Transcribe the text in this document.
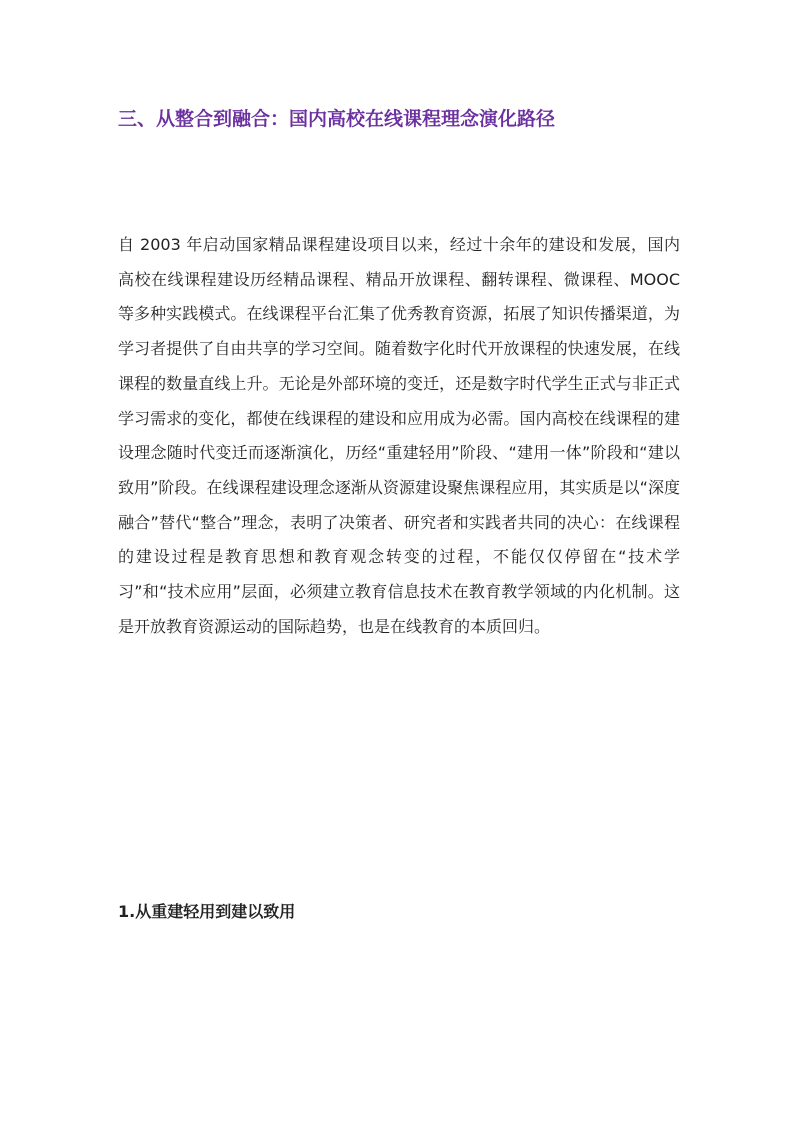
三、从整合到融合：国内高校在线课程理念演化路径

自 2003 年启动国家精品课程建设项目以来，经过十余年的建设和发展，国内高校在线课程建设历经精品课程、精品开放课程、翻转课程、微课程、MOOC 等多种实践模式。在线课程平台汇集了优秀教育资源，拓展了知识传播渠道，为学习者提供了自由共享的学习空间。随着数字化时代开放课程的快速发展，在线课程的数量直线上升。无论是外部环境的变迁，还是数字时代学生正式与非正式学习需求的变化，都使在线课程的建设和应用成为必需。国内高校在线课程的建设理念随时代变迁而逐渐演化，历经“重建轻用”阶段、“建用一体”阶段和“建以致用”阶段。在线课程建设理念逐渐从资源建设聚焦课程应用，其实质是以“深度融合”替代“整合”理念，表明了决策者、研究者和实践者共同的决心：在线课程的建设过程是教育思想和教育观念转变的过程，不能仅仅停留在“技术学习”和“技术应用”层面，必须建立教育信息技术在教育教学领域的内化机制。这是开放教育资源运动的国际趋势，也是在线教育的本质回归。

1.从重建轻用到建以致用
